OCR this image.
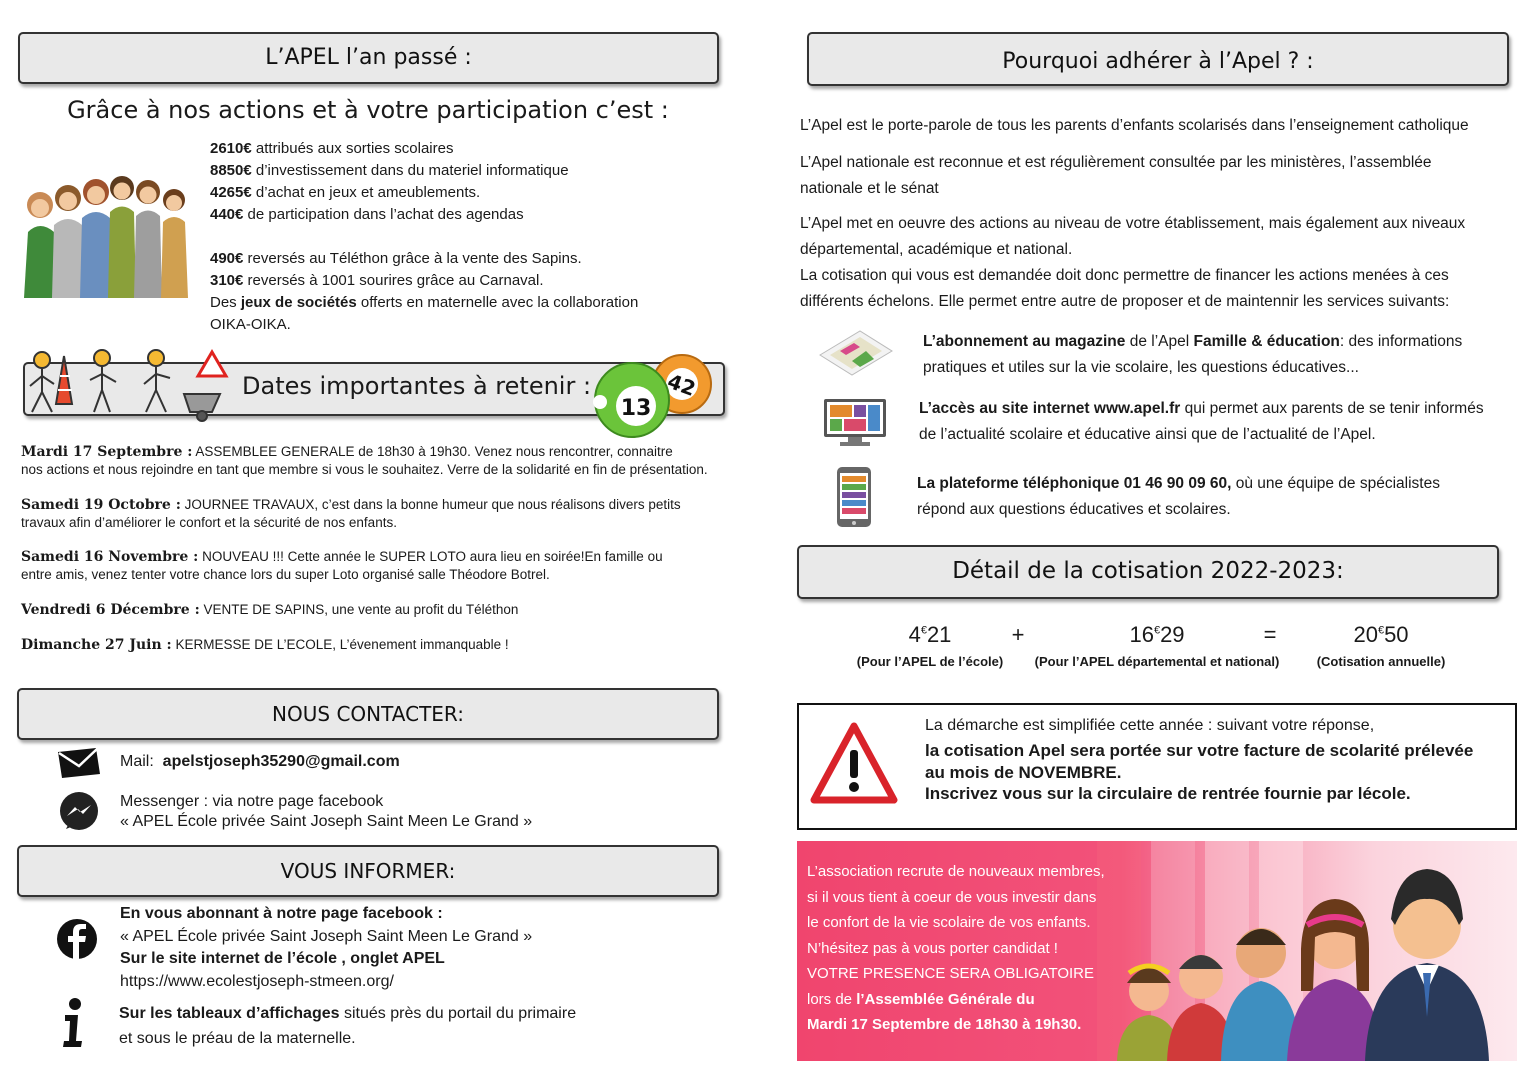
L’APEL l’an passé :
Grâce à nos actions et à votre participation c’est :
2610€ attribués aux sorties scolaires
8850€ d’investissement dans du materiel informatique
4265€ d’achat en jeux et ameublements.
440€ de participation dans l’achat des agendas
490€ reversés au Téléthon grâce à la vente des Sapins.
310€ reversés à 1001 sourires grâce au Carnaval.
Des jeux de sociétés offerts en maternelle avec la collaboration
OIKA-OIKA.
Dates importantes à retenir :
13
42
Mardi 17 Septembre : ASSEMBLEE GENERALE de 18h30 à 19h30. Venez nous rencontrer, connaitre
nos actions et nous rejoindre en tant que membre si vous le souhaitez. Verre de la solidarité en fin de présentation.
Samedi 19 Octobre : JOURNEE TRAVAUX, c’est dans la bonne humeur que nous réalisons divers petits
travaux afin d’améliorer le confort et la sécurité de nos enfants.
Samedi 16 Novembre : NOUVEAU !!! Cette année le SUPER LOTO aura lieu en soirée!En famille ou
entre amis, venez tenter votre chance lors du super Loto organisé salle Théodore Botrel.
Vendredi 6 Décembre : VENTE DE SAPINS, une vente au profit du Téléthon
Dimanche 27 Juin : KERMESSE DE L’ECOLE, L’évenement immanquable !
NOUS CONTACTER:
Mail: apelstjoseph35290@gmail.com
Messenger : via notre page facebook
« APEL École privée Saint Joseph Saint Meen Le Grand »
VOUS INFORMER:
En vous abonnant à notre page facebook :
« APEL École privée Saint Joseph Saint Meen Le Grand »
Sur le site internet de l’école , onglet APEL
https://www.ecolestjoseph-stmeen.org/
Sur les tableaux d’affichages situés près du portail du primaire
et sous le préau de la maternelle.
Pourquoi adhérer à l’Apel ? :
L’Apel est le porte-parole de tous les parents d’enfants scolarisés dans l’enseignement catholique
L’Apel nationale est reconnue et est régulièrement consultée par les ministères, l’assemblée
nationale et le sénat
L’Apel met en oeuvre des actions au niveau de votre établissement, mais également aux niveaux
départemental, académique et national.
La cotisation qui vous est demandée doit donc permettre de financer les actions menées à ces
différents échelons. Elle permet entre autre de proposer et de maintennir les services suivants:
L’abonnement au magazine de l’Apel Famille & éducation: des informations
pratiques et utiles sur la vie scolaire, les questions éducatives...
L’accès au site internet www.apel.fr qui permet aux parents de se tenir informés
de l’actualité scolaire et éducative ainsi que de l’actualité de l’Apel.
La plateforme téléphonique 01 46 90 09 60, où une équipe de spécialistes
répond aux questions éducatives et scolaires.
Détail de la cotisation 2022-2023:
4€21
(Pour l’APEL de l’école)
+	16€29
(Pour l’APEL départemental et national)
=	20€50
(Cotisation annuelle)
La démarche est simplifiée cette année : suivant votre réponse,
la cotisation Apel sera portée sur votre facture de scolarité prélevée
au mois de NOVEMBRE.
Inscrivez vous sur la circulaire de rentrée fournie par lécole.
L’association recrute de nouveaux membres,
si il vous tient à coeur de vous investir dans
le confort de la vie scolaire de vos enfants.
N’hésitez pas à vous porter candidat !
VOTRE PRESENCE SERA OBLIGATOIRE
lors de l’Assemblée Générale du
Mardi 17 Septembre de 18h30 à 19h30.
